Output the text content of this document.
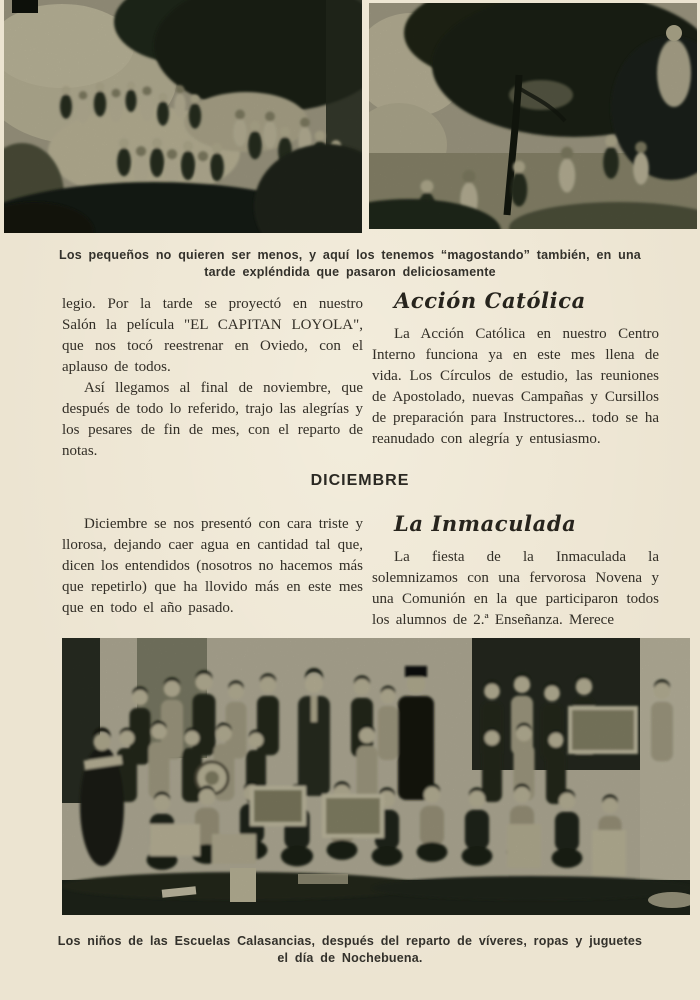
Los pequeños no quieren ser menos, y aquí los tenemos “magostando” también, en una
tarde expléndida que pasaron deliciosamente

legio. Por la tarde se proyectó en nuestro Salón la película "EL CAPITAN LOYOLA", que nos tocó reestrenar en Oviedo, con el aplauso de todos.

Así llegamos al final de noviembre, que después de todo lo referido, trajo las alegrías y los pesares de fin de mes, con el reparto de notas.

Acción Católica

La Acción Católica en nuestro Centro Interno funciona ya en este mes llena de vida. Los Círculos de estudio, las reuniones de Apostolado, nuevas Campañas y Cursillos de preparación para Instructores... todo se ha reanudado con alegría y entusiasmo.

DICIEMBRE

Diciembre se nos presentó con cara triste y llorosa, dejando caer agua en cantidad tal que, dicen los entendidos (nosotros no hacemos más que repetirlo) que ha llovido más en este mes que en todo el año pasado.

La Inmaculada

La fiesta de la Inmaculada la solemnizamos con una fervorosa Novena y una Comunión en la que participaron todos los alumnos de 2.ª Enseñanza. Merece

Los niños de las Escuelas Calasancias, después del reparto de víveres, ropas y juguetes
el día de Nochebuena.
